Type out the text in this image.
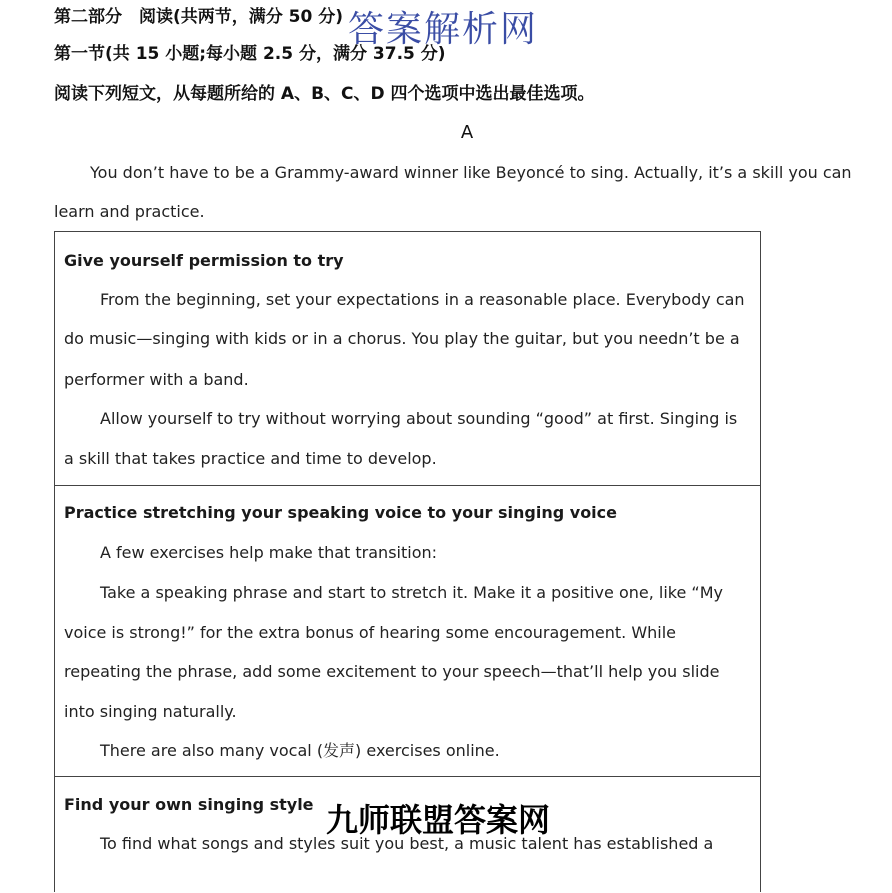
第二部分　阅读(共两节，满分 50 分)
第一节(共 15 小题;每小题 2.5 分，满分 37.5 分)
阅读下列短文，从每题所给的 A、B、C、D 四个选项中选出最佳选项。
A
You don’t have to be a Grammy-award winner like Beyoncé to sing. Actually, it’s a skill you can
learn and practice.
Give yourself permission to try
From the beginning, set your expectations in a reasonable place. Everybody can
do music—singing with kids or in a chorus. You play the guitar, but you needn’t be a
performer with a band.
Allow yourself to try without worrying about sounding “good” at first. Singing is
a skill that takes practice and time to develop.
Practice stretching your speaking voice to your singing voice
A few exercises help make that transition:
Take a speaking phrase and start to stretch it. Make it a positive one, like “My
voice is strong!” for the extra bonus of hearing some encouragement. While
repeating the phrase, add some excitement to your speech—that’ll help you slide
into singing naturally.
There are also many vocal (发声) exercises online.
Find your own singing style
To find what songs and styles suit you best, a music talent has established a
答案解析网
九师联盟答案网
